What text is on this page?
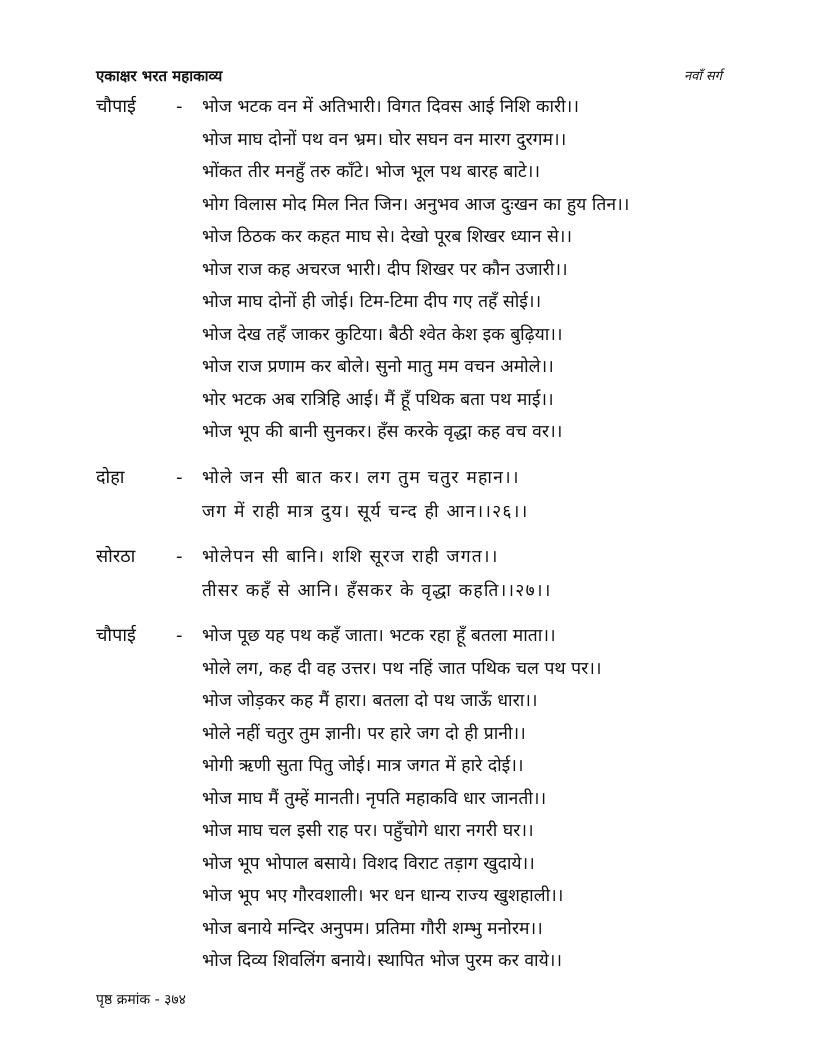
एकाक्षर भरत महाकाव्य	नवाँ सर्ग
चौपाई - भोज भटक वन में अतिभारी। विगत दिवस आई निशि कारी।।
भोज माघ दोनों पथ वन भ्रम। घोर सघन वन मारग दुरगम।।
भोंकत तीर मनहुँ तरु काँटे। भोज भूल पथ बारह बाटे।।
भोग विलास मोद मिल नित जिन। अनुभव आज दुःखन का हुय तिन।।
भोज ठिठक कर कहत माघ से। देखो पूरब शिखर ध्यान से।।
भोज राज कह अचरज भारी। दीप शिखर पर कौन उजारी।।
भोज माघ दोनों ही जोई। टिम-टिमा दीप गए तहँ सोई।।
भोज देख तहँ जाकर कुटिया। बैठी श्वेत केश इक बुढ़िया।।
भोज राज प्रणाम कर बोले। सुनो मातु मम वचन अमोले।।
भोर भटक अब रात्रिहि आई। मैं हूँ पथिक बता पथ माई।।
भोज भूप की बानी सुनकर। हँस करके वृद्धा कह वच वर।।
दोहा	- भोले जन सी बात कर। लग तुम चतुर महान।।
जग में राही मात्र दुय। सूर्य चन्द ही आन।।२६।।
सोरठा - भोलेपन सी बानि। शशि सूरज राही जगत।।
तीसर कहँ से आनि। हँसकर के वृद्धा कहति।।२७।।
चौपाई - भोज पूछ यह पथ कहँ जाता। भटक रहा हूँ बतला माता।।
भोले लग, कह दी वह उत्तर। पथ नहिं जात पथिक चल पथ पर।।
भोज जोड़कर कह मैं हारा। बतला दो पथ जाऊँ धारा।।
भोले नहीं चतुर तुम ज्ञानी। पर हारे जग दो ही प्रानी।।
भोगी ऋणी सुता पितु जोई। मात्र जगत में हारे दोई।।
भोज माघ मैं तुम्हें मानती। नृपति महाकवि धार जानती।।
भोज माघ चल इसी राह पर। पहुँचोगे धारा नगरी घर।।
भोज भूप भोपाल बसाये। विशद विराट तड़ाग खुदाये।।
भोज भूप भए गौरवशाली। भर धन धान्य राज्य खुशहाली।।
भोज बनाये मन्दिर अनुपम। प्रतिमा गौरी शम्भु मनोरम।।
भोज दिव्य शिवलिंग बनाये। स्थापित भोज पुरम कर वाये।।
पृष्ठ क्रमांक - ३७४
